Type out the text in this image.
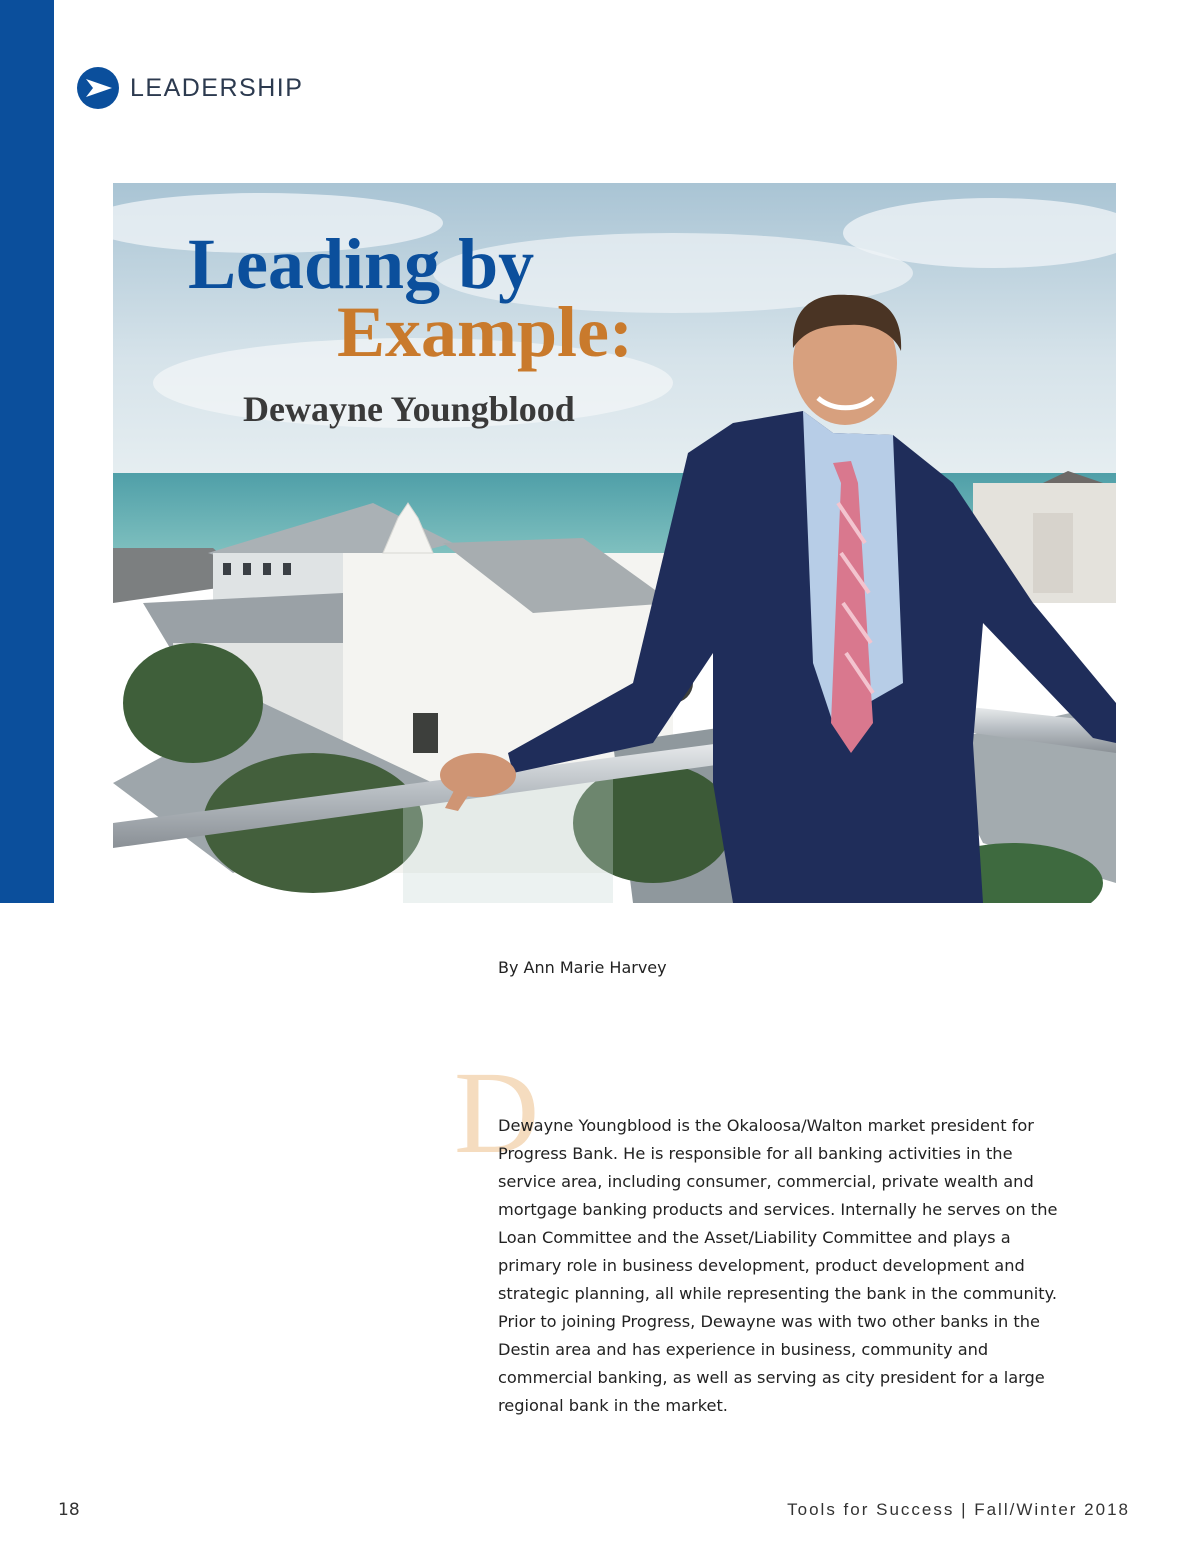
LEADERSHIP
Leading by
Example:
Dewayne Youngblood
By Ann Marie Harvey
D

Dewayne Youngblood is the Okaloosa/Walton market president for Progress Bank. He is responsible for all banking activities in the service area, including consumer, commercial, private wealth and mortgage banking products and services. Internally he serves on the Loan Committee and the Asset/Liability Committee and plays a primary role in business development, product development and strategic planning, all while representing the bank in the community. Prior to joining Progress, Dewayne was with two other banks in the Destin area and has experience in business, community and commercial banking, as well as serving as city president for a large regional bank in the market.

18	Tools for Success | Fall/Winter 2018
